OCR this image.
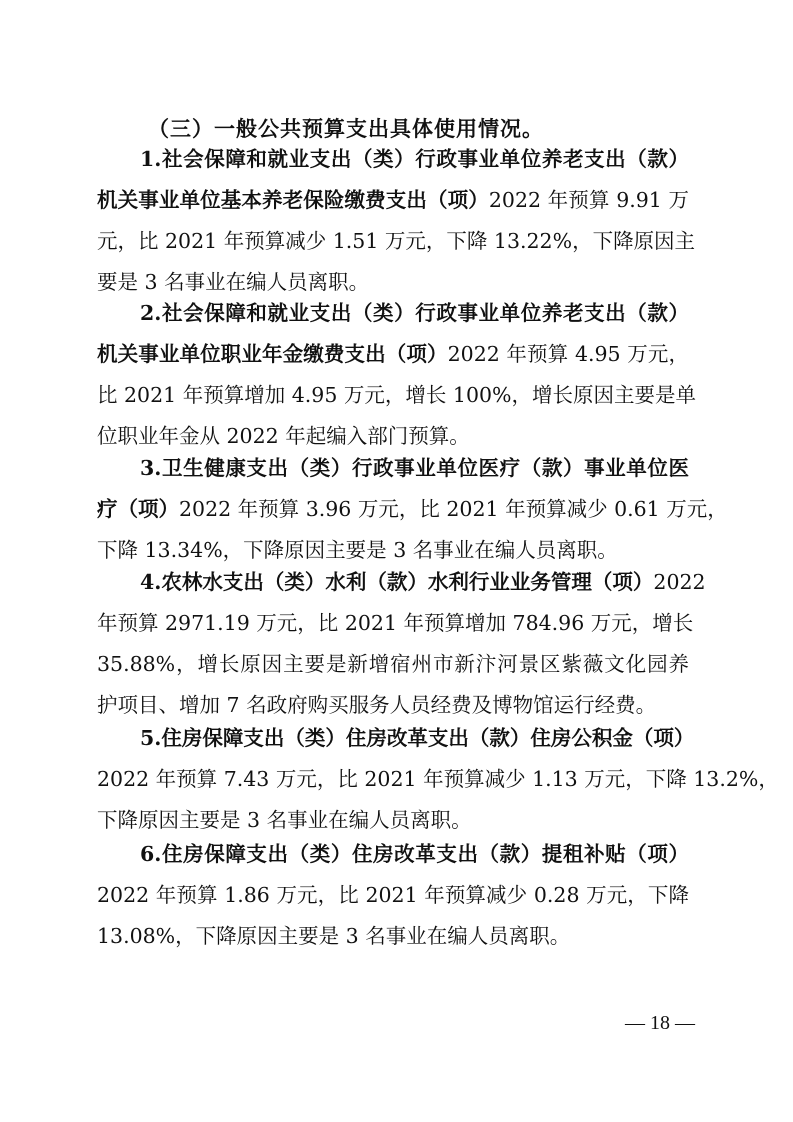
（三）一般公共预算支出具体使用情况。
1.社会保障和就业支出（类）行政事业单位养老支出（款）
机关事业单位基本养老保险缴费支出（项）2022 年预算 9.91 万
元，比 2021 年预算减少 1.51 万元，下降 13.22%，下降原因主
要是 3 名事业在编人员离职。
2.社会保障和就业支出（类）行政事业单位养老支出（款）
机关事业单位职业年金缴费支出（项）2022 年预算 4.95 万元，
比 2021 年预算增加 4.95 万元，增长 100%，增长原因主要是单
位职业年金从 2022 年起编入部门预算。
3.卫生健康支出（类）行政事业单位医疗（款）事业单位医
疗（项）2022 年预算 3.96 万元，比 2021 年预算减少 0.61 万元，
下降 13.34%，下降原因主要是 3 名事业在编人员离职。
4.农林水支出（类）水利（款）水利行业业务管理（项）2022
年预算 2971.19 万元，比 2021 年预算增加 784.96 万元，增长
35.88%，增长原因主要是新增宿州市新汴河景区紫薇文化园养
护项目、增加 7 名政府购买服务人员经费及博物馆运行经费。
5.住房保障支出（类）住房改革支出（款）住房公积金（项）
2022 年预算 7.43 万元，比 2021 年预算减少 1.13 万元，下降 13.2%，
下降原因主要是 3 名事业在编人员离职。
6.住房保障支出（类）住房改革支出（款）提租补贴（项）
2022 年预算 1.86 万元，比 2021 年预算减少 0.28 万元，下降
13.08%，下降原因主要是 3 名事业在编人员离职。
— 18 —
